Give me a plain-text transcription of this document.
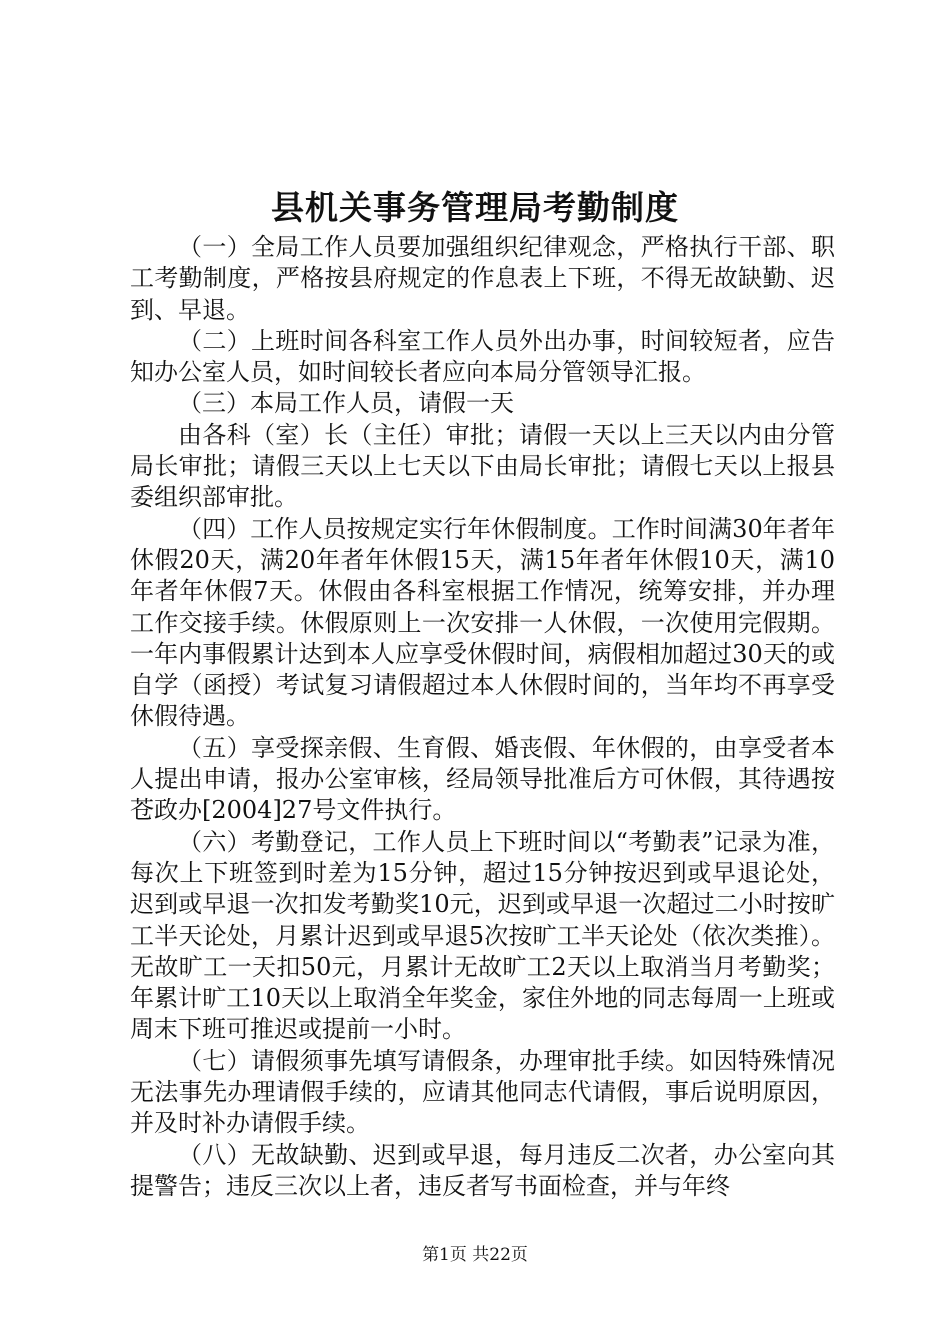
县机关事务管理局考勤制度

（一）全局工作人员要加强组织纪律观念，严格执行干部、职工考勤制度，严格按县府规定的作息表上下班，不得无故缺勤、迟到、早退。

（二）上班时间各科室工作人员外出办事，时间较短者，应告知办公室人员，如时间较长者应向本局分管领导汇报。

（三）本局工作人员，请假一天

由各科（室）长（主任）审批；请假一天以上三天以内由分管局长审批；请假三天以上七天以下由局长审批；请假七天以上报县委组织部审批。

（四）工作人员按规定实行年休假制度。工作时间满30年者年休假20天，满20年者年休假15天，满15年者年休假10天，满10年者年休假7天。休假由各科室根据工作情况，统筹安排，并办理工作交接手续。休假原则上一次安排一人休假，一次使用完假期。一年内事假累计达到本人应享受休假时间，病假相加超过30天的或自学（函授）考试复习请假超过本人休假时间的，当年均不再享受休假待遇。

（五）享受探亲假、生育假、婚丧假、年休假的，由享受者本人提出申请，报办公室审核，经局领导批准后方可休假，其待遇按苍政办[2004]27号文件执行。

（六）考勤登记，工作人员上下班时间以“考勤表”记录为准，每次上下班签到时差为15分钟，超过15分钟按迟到或早退论处，迟到或早退一次扣发考勤奖10元，迟到或早退一次超过二小时按旷工半天论处，月累计迟到或早退5次按旷工半天论处（依次类推）。无故旷工一天扣50元，月累计无故旷工2天以上取消当月考勤奖；年累计旷工10天以上取消全年奖金，家住外地的同志每周一上班或周末下班可推迟或提前一小时。

（七）请假须事先填写请假条，办理审批手续。如因特殊情况无法事先办理请假手续的，应请其他同志代请假，事后说明原因，并及时补办请假手续。

（八）无故缺勤、迟到或早退，每月违反二次者，办公室向其提警告；违反三次以上者，违反者写书面检查，并与年终

第1页 共22页
